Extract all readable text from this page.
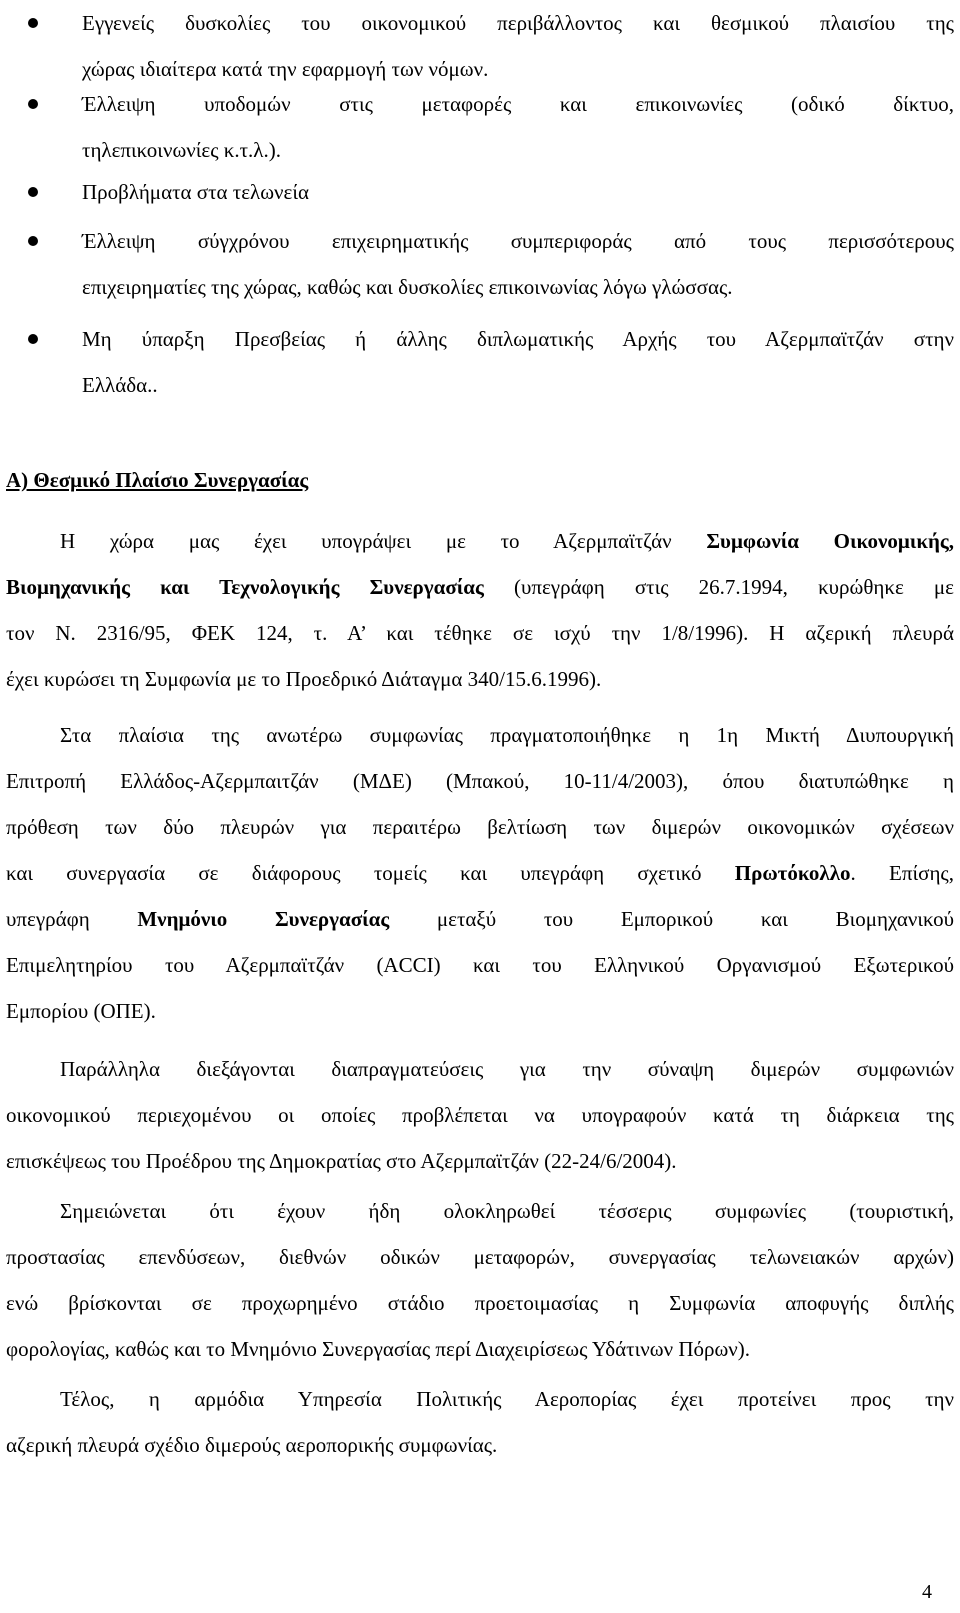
Εγγενείς δυσκολίες του οικονομικού περιβάλλοντος και θεσμικού πλαισίου της
χώρας ιδιαίτερα κατά την εφαρμογή των νόμων.
Έλλειψη υποδομών στις μεταφορές και επικοινωνίες (οδικό δίκτυο,
τηλεπικοινωνίες κ.τ.λ.).
Προβλήματα στα τελωνεία
Έλλειψη σύγχρόνου επιχειρηματικής συμπεριφοράς από τους περισσότερους
επιχειρηματίες της χώρας, καθώς και δυσκολίες επικοινωνίας λόγω γλώσσας.
Μη ύπαρξη Πρεσβείας ή άλλης διπλωματικής Αρχής του Αζερμπαϊτζάν στην
Ελλάδα..
Α) Θεσμικό Πλαίσιο Συνεργασίας
Η χώρα μας έχει υπογράψει με το Αζερμπαϊτζάν Συμφωνία Οικονομικής,
Βιομηχανικής και Τεχνολογικής Συνεργασίας (υπεγράφη στις 26.7.1994, κυρώθηκε με
τον Ν. 2316/95, ΦΕΚ 124, τ. Α’ και τέθηκε σε ισχύ την 1/8/1996). Η αζερική πλευρά
έχει κυρώσει τη Συμφωνία με το Προεδρικό Διάταγμα 340/15.6.1996).
Στα πλαίσια της ανωτέρω συμφωνίας πραγματοποιήθηκε η 1η Μικτή Διυπουργική
Επιτροπή Ελλάδος-Αζερμπαιτζάν (ΜΔΕ) (Μπακού, 10-11/4/2003), όπου διατυπώθηκε η
πρόθεση των δύο πλευρών για περαιτέρω βελτίωση των διμερών οικονομικών σχέσεων
και συνεργασία σε διάφορους τομείς και υπεγράφη σχετικό Πρωτόκολλο. Επίσης,
υπεγράφη Μνημόνιο Συνεργασίας μεταξύ του Εμπορικού και Βιομηχανικού
Επιμελητηρίου του Αζερμπαϊτζάν (ACCI) και του Ελληνικού Οργανισμού Εξωτερικού
Εμπορίου (ΟΠΕ).
Παράλληλα διεξάγονται διαπραγματεύσεις για την σύναψη διμερών συμφωνιών
οικονομικού περιεχομένου οι οποίες προβλέπεται να υπογραφούν κατά τη διάρκεια της
επισκέψεως του Προέδρου της Δημοκρατίας στο Αζερμπαϊτζάν (22-24/6/2004).
Σημειώνεται ότι έχουν ήδη ολοκληρωθεί τέσσερις συμφωνίες (τουριστική,
προστασίας επενδύσεων, διεθνών οδικών μεταφορών, συνεργασίας τελωνειακών αρχών)
ενώ βρίσκονται σε προχωρημένο στάδιο προετοιμασίας η Συμφωνία αποφυγής διπλής
φορολογίας, καθώς και το Μνημόνιο Συνεργασίας περί Διαχειρίσεως Υδάτινων Πόρων).
Τέλος, η αρμόδια Υπηρεσία Πολιτικής Αεροπορίας έχει προτείνει προς την
αζερική πλευρά σχέδιο διμερούς αεροπορικής συμφωνίας.
4
